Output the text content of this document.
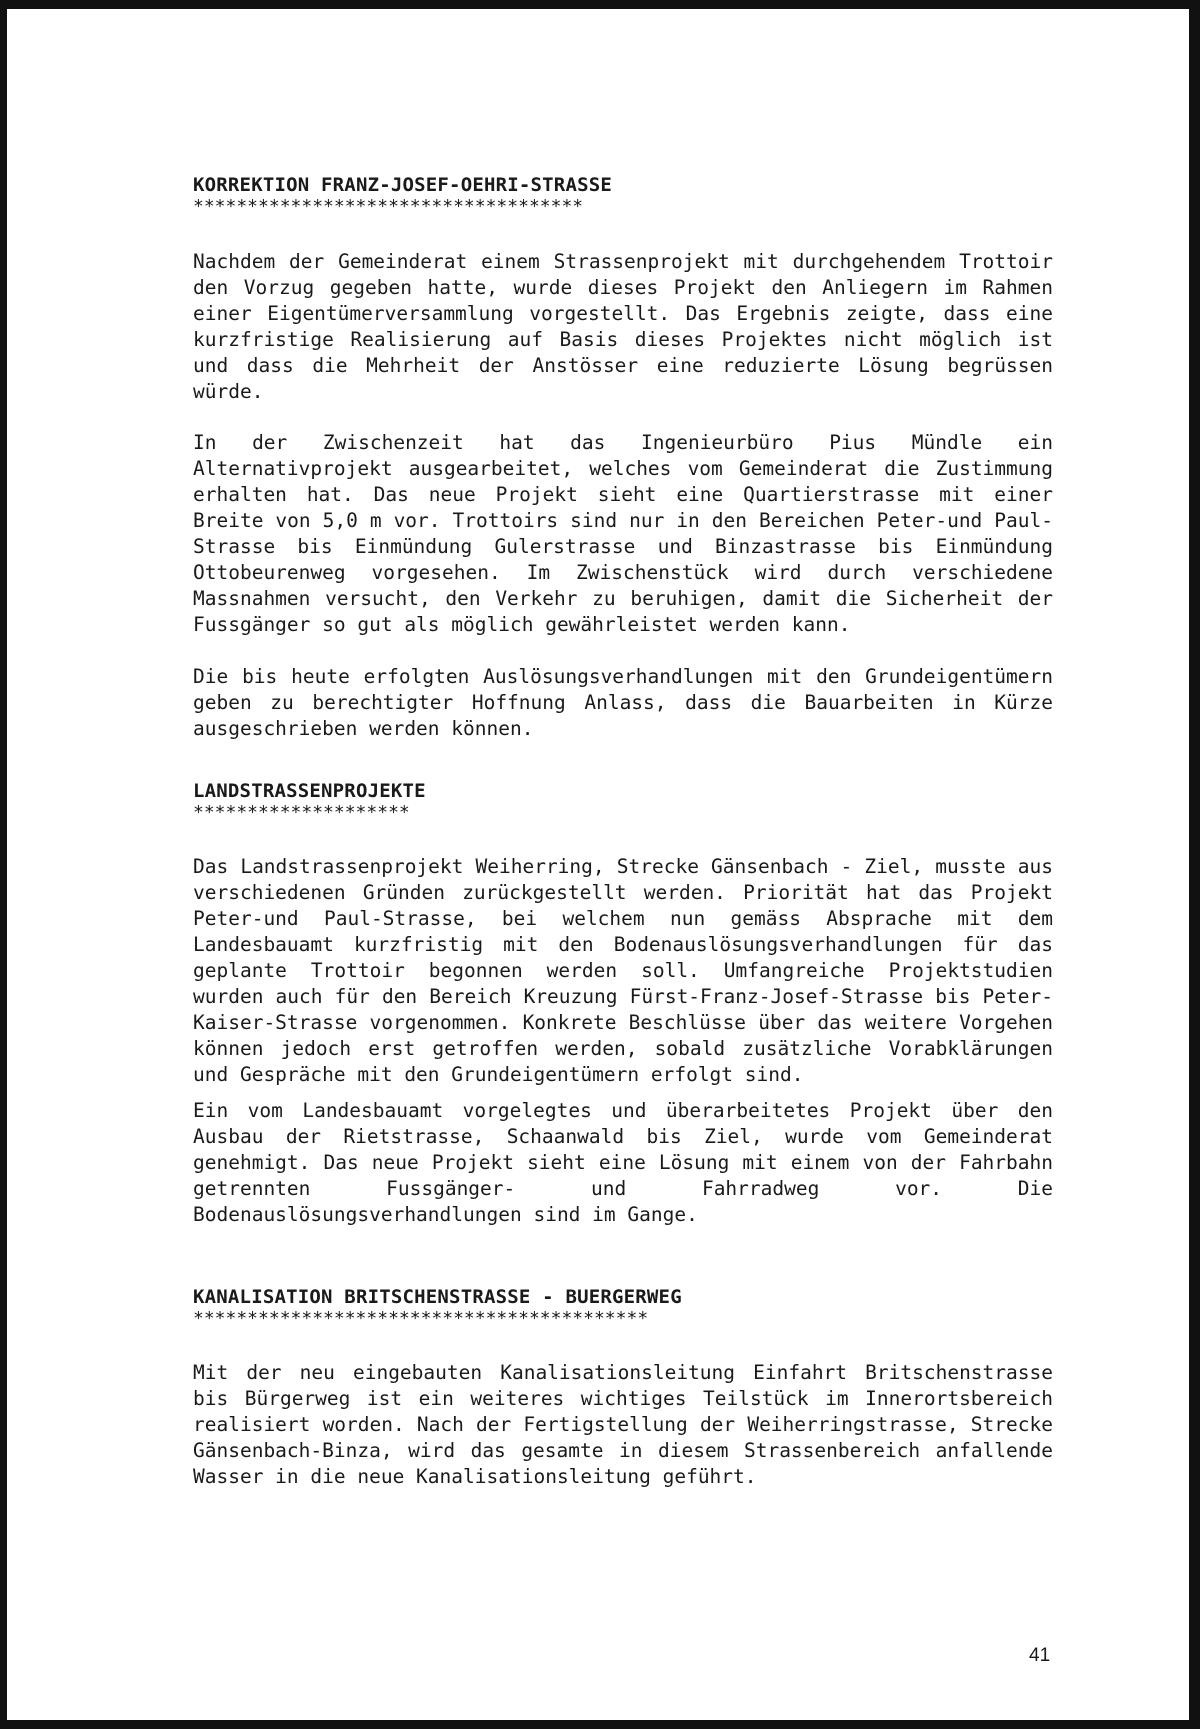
KORREKTION FRANZ-JOSEF-OEHRI-STRASSE
************************************

Nachdem der Gemeinderat einem Strassenprojekt mit durchgehendem Trottoir den Vorzug gegeben hatte, wurde dieses Projekt den Anliegern im Rahmen einer Eigentümerversammlung vorgestellt. Das Ergebnis zeigte, dass eine kurzfristige Realisierung auf Basis dieses Projektes nicht möglich ist und dass die Mehrheit der Anstösser eine reduzierte Lösung begrüssen würde.

In der Zwischenzeit hat das Ingenieurbüro Pius Mündle ein Alternativprojekt ausgearbeitet, welches vom Gemeinderat die Zustimmung erhalten hat. Das neue Projekt sieht eine Quartierstrasse mit einer Breite von 5,0 m vor. Trottoirs sind nur in den Bereichen Peter-und Paul-Strasse bis Einmündung Gulerstrasse und Binzastrasse bis Einmündung Ottobeurenweg vorgesehen. Im Zwischenstück wird durch verschiedene Massnahmen versucht, den Verkehr zu beruhigen, damit die Sicherheit der Fussgänger so gut als möglich gewährleistet werden kann.

Die bis heute erfolgten Auslösungsverhandlungen mit den Grundeigentümern geben zu berechtigter Hoffnung Anlass, dass die Bauarbeiten in Kürze ausgeschrieben werden können.

LANDSTRASSENPROJEKTE
********************

Das Landstrassenprojekt Weiherring, Strecke Gänsenbach - Ziel, musste aus verschiedenen Gründen zurückgestellt werden. Priorität hat das Projekt Peter-und Paul-Strasse, bei welchem nun gemäss Absprache mit dem Landesbauamt kurzfristig mit den Bodenauslösungsverhandlungen für das geplante Trottoir begonnen werden soll. Umfangreiche Projektstudien wurden auch für den Bereich Kreuzung Fürst-Franz-Josef-Strasse bis Peter-Kaiser-Strasse vorgenommen. Konkrete Beschlüsse über das weitere Vorgehen können jedoch erst getroffen werden, sobald zusätzliche Vorabklärungen und Gespräche mit den Grundeigentümern erfolgt sind.

Ein vom Landesbauamt vorgelegtes und überarbeitetes Projekt über den Ausbau der Rietstrasse, Schaanwald bis Ziel, wurde vom Gemeinderat genehmigt. Das neue Projekt sieht eine Lösung mit einem von der Fahrbahn getrennten Fussgänger- und Fahrradweg vor. Die Bodenauslösungsverhandlungen sind im Gange.

KANALISATION BRITSCHENSTRASSE - BUERGERWEG
******************************************

Mit der neu eingebauten Kanalisationsleitung Einfahrt Britschenstrasse bis Bürgerweg ist ein weiteres wichtiges Teilstück im Innerortsbereich realisiert worden. Nach der Fertigstellung der Weiherringstrasse, Strecke Gänsenbach-Binza, wird das gesamte in diesem Strassenbereich anfallende Wasser in die neue Kanalisationsleitung geführt.

41
